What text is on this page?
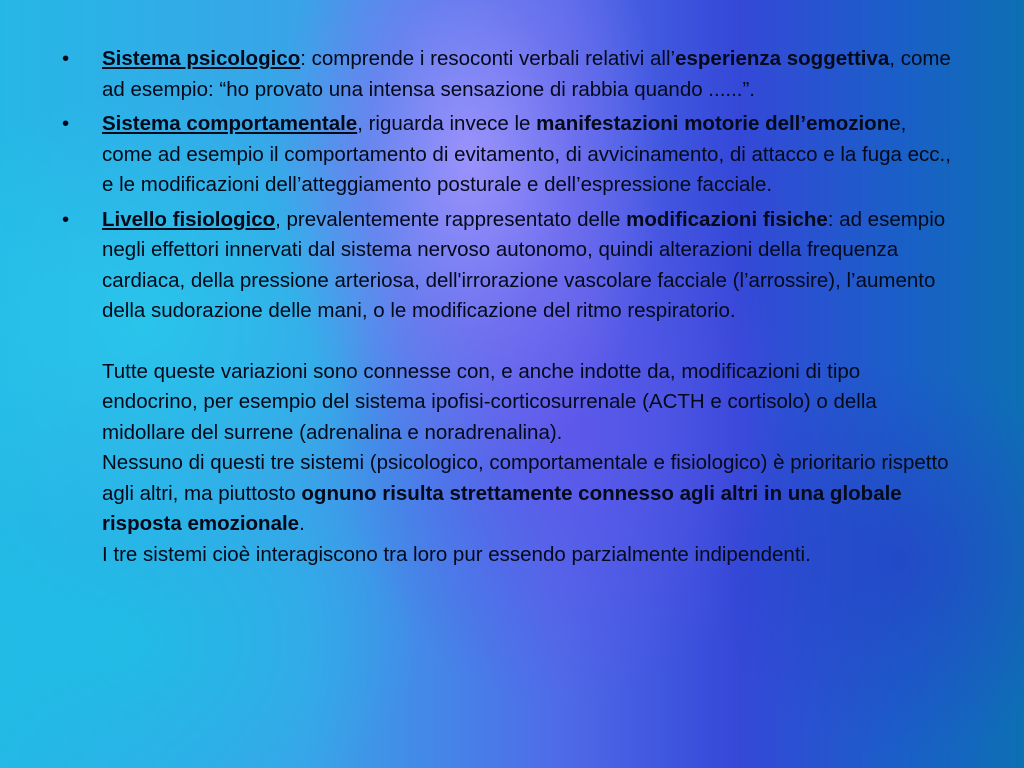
• Sistema psicologico: comprende i resoconti verbali relativi all’esperienza soggettiva, come ad esempio: “ho provato una intensa sensazione di rabbia quando ......”.
• Sistema comportamentale, riguarda invece le manifestazioni motorie dell’emozione, come ad esempio il comportamento di evitamento, di avvicinamento, di attacco e la fuga ecc., e le modificazioni dell’atteggiamento posturale e dell’espressione facciale.
• Livello fisiologico, prevalentemente rappresentato delle modificazioni fisiche: ad esempio negli effettori innervati dal sistema nervoso autonomo, quindi alterazioni della frequenza cardiaca, della pressione arteriosa, dell'irrorazione vascolare facciale (l’arrossire), l’aumento della sudorazione delle mani, o le modificazione del ritmo respiratorio.
Tutte queste variazioni sono connesse con, e anche indotte da, modificazioni di tipo endocrino, per esempio del sistema ipofisi-corticosurrenale (ACTH e cortisolo) o della midollare del surrene (adrenalina e noradrenalina).
Nessuno di questi tre sistemi (psicologico, comportamentale e fisiologico) è prioritario rispetto agli altri, ma piuttosto ognuno risulta strettamente connesso agli altri in una globale risposta emozionale.
I tre sistemi cioè interagiscono tra loro pur essendo parzialmente indipendenti.
